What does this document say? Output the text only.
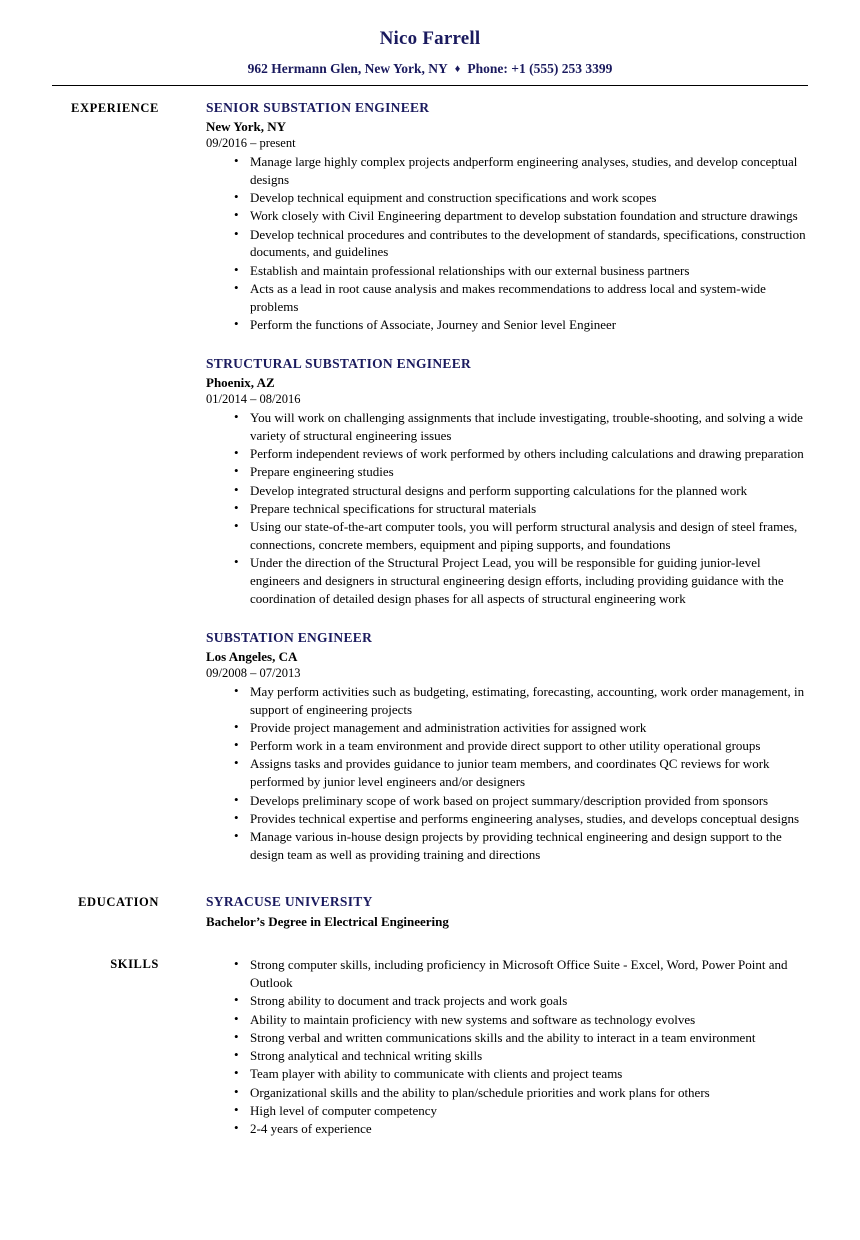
Nico Farrell
962 Hermann Glen, New York, NY ♦ Phone: +1 (555) 253 3399
EXPERIENCE	SENIOR SUBSTATION ENGINEER
New York, NY
09/2016 – present
• Manage large highly complex projects andperform engineering analyses, studies, and develop conceptual designs
• Develop technical equipment and construction specifications and work scopes
• Work closely with Civil Engineering department to develop substation foundation and structure drawings
• Develop technical procedures and contributes to the development of standards, specifications, construction documents, and guidelines
• Establish and maintain professional relationships with our external business partners
• Acts as a lead in root cause analysis and makes recommendations to address local and system-wide problems
• Perform the functions of Associate, Journey and Senior level Engineer
STRUCTURAL SUBSTATION ENGINEER
Phoenix, AZ
01/2014 – 08/2016
• You will work on challenging assignments that include investigating, trouble-shooting, and solving a wide variety of structural engineering issues
• Perform independent reviews of work performed by others including calculations and drawing preparation
• Prepare engineering studies
• Develop integrated structural designs and perform supporting calculations for the planned work
• Prepare technical specifications for structural materials
• Using our state-of-the-art computer tools, you will perform structural analysis and design of steel frames, connections, concrete members, equipment and piping supports, and foundations
• Under the direction of the Structural Project Lead, you will be responsible for guiding junior-level engineers and designers in structural engineering design efforts, including providing guidance with the coordination of detailed design phases for all aspects of structural engineering work
SUBSTATION ENGINEER
Los Angeles, CA
09/2008 – 07/2013
• May perform activities such as budgeting, estimating, forecasting, accounting, work order management, in support of engineering projects
• Provide project management and administration activities for assigned work
• Perform work in a team environment and provide direct support to other utility operational groups
• Assigns tasks and provides guidance to junior team members, and coordinates QC reviews for work performed by junior level engineers and/or designers
• Develops preliminary scope of work based on project summary/description provided from sponsors
• Provides technical expertise and performs engineering analyses, studies, and develops conceptual designs
• Manage various in-house design projects by providing technical engineering and design support to the design team as well as providing training and directions
EDUCATION	SYRACUSE UNIVERSITY
Bachelor’s Degree in Electrical Engineering
SKILLS	• Strong computer skills, including proficiency in Microsoft Office Suite - Excel, Word, Power Point and Outlook
• Strong ability to document and track projects and work goals
• Ability to maintain proficiency with new systems and software as technology evolves
• Strong verbal and written communications skills and the ability to interact in a team environment
• Strong analytical and technical writing skills
• Team player with ability to communicate with clients and project teams
• Organizational skills and the ability to plan/schedule priorities and work plans for others
• High level of computer competency
• 2-4 years of experience
